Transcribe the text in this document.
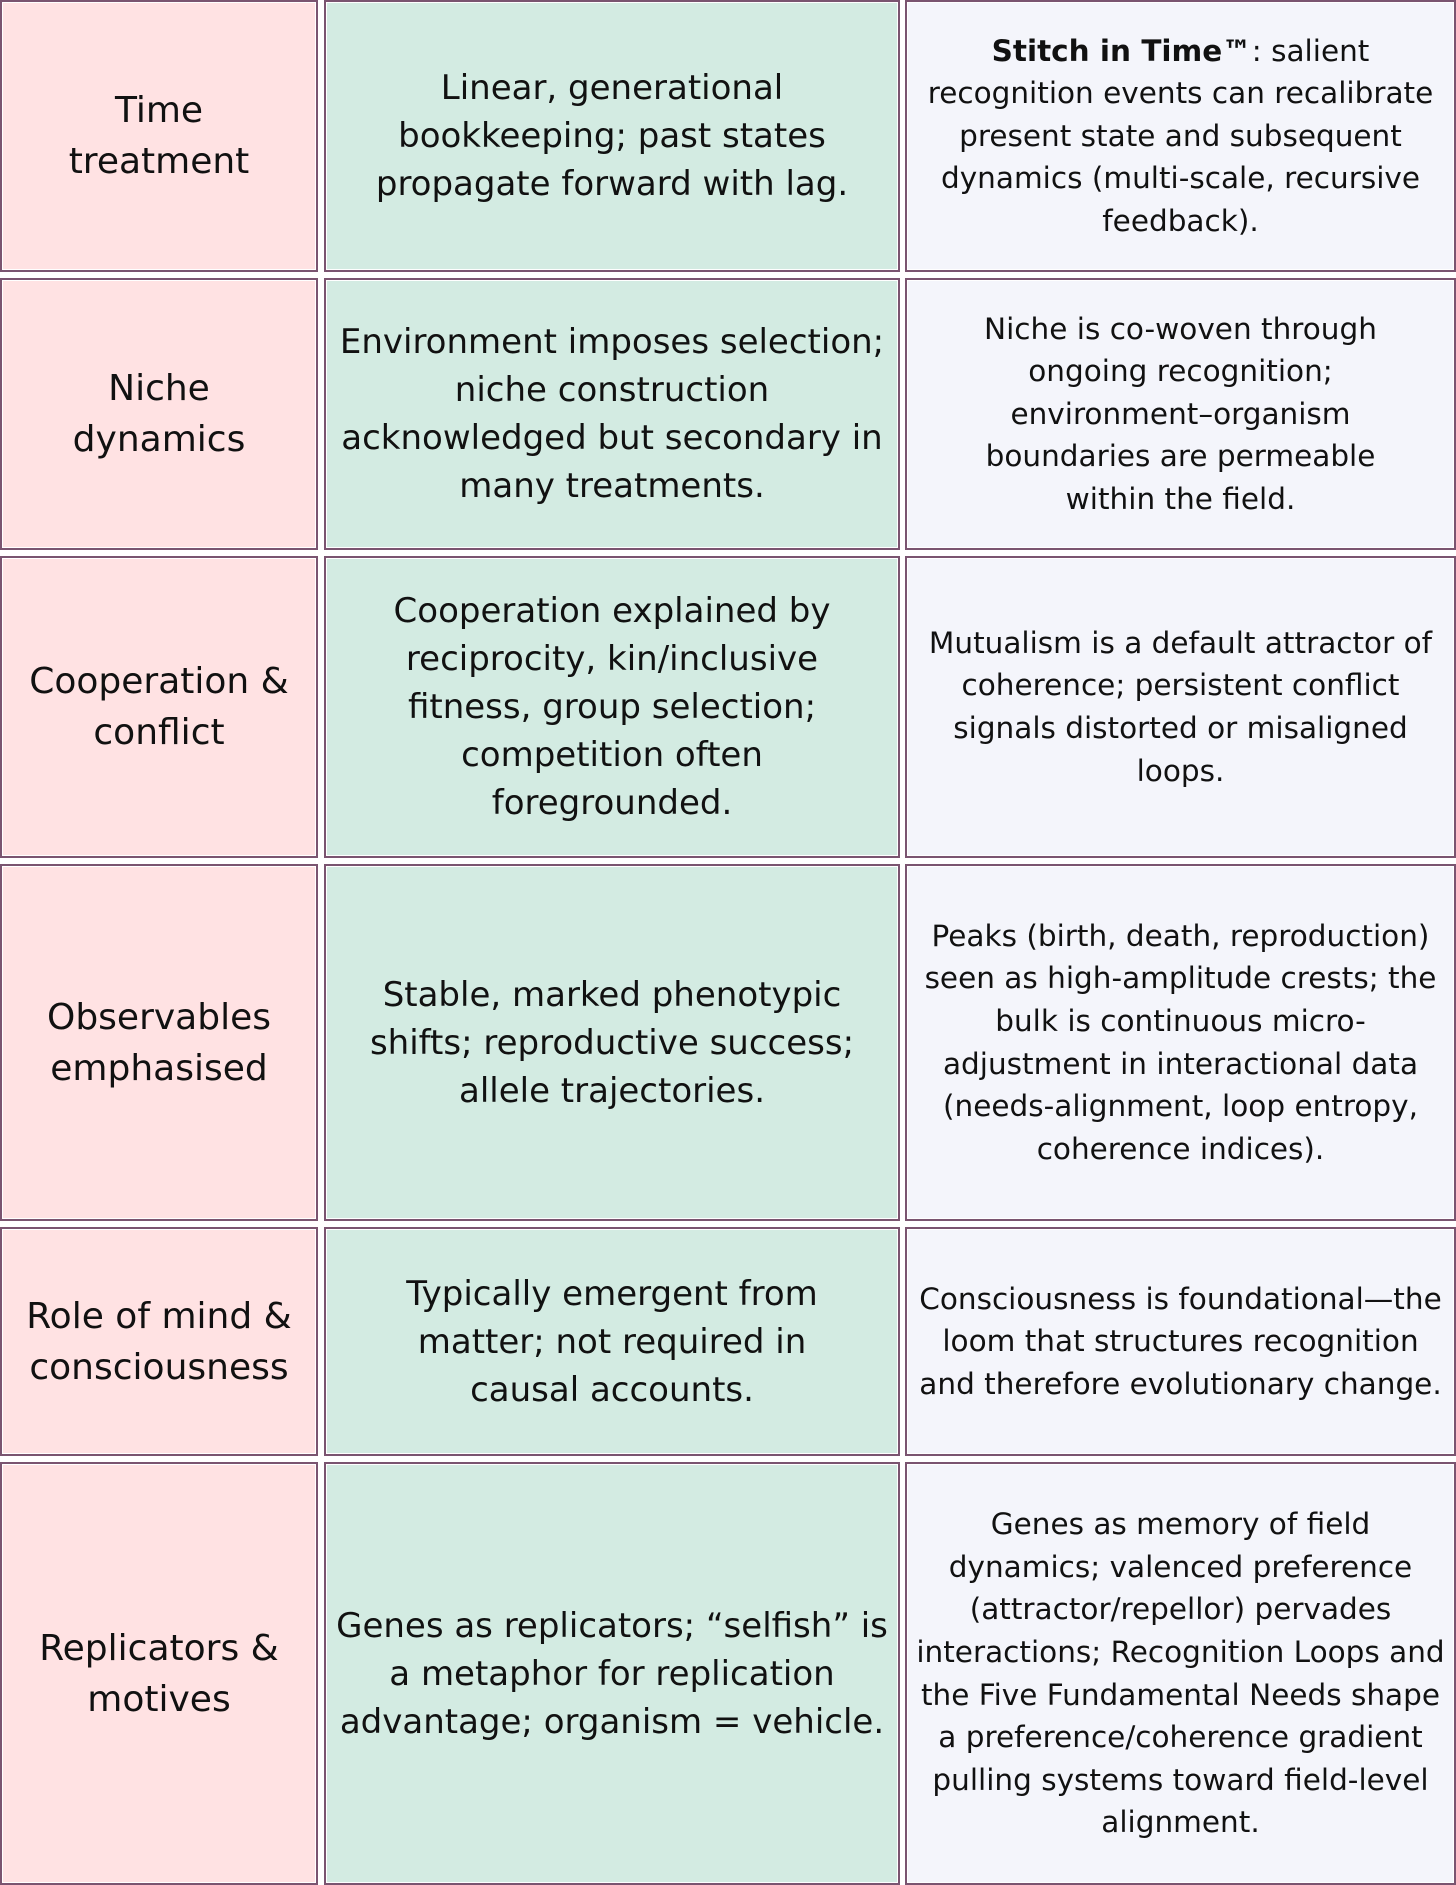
Time treatment
Linear, generational bookkeeping; past states propagate forward with lag.
Stitch in Time™: salient recognition events can recalibrate present state and subsequent dynamics (multi-scale, recursive feedback).
Niche dynamics
Environment imposes selection; niche construction acknowledged but secondary in many treatments.
Niche is co-woven through ongoing recognition; environment–organism boundaries are permeable within the field.
Cooperation & conflict
Cooperation explained by reciprocity, kin/inclusive fitness, group selection; competition often foregrounded.
Mutualism is a default attractor of coherence; persistent conflict signals distorted or misaligned loops.
Observables emphasised
Stable, marked phenotypic shifts; reproductive success; allele trajectories.
Peaks (birth, death, reproduction) seen as high-amplitude crests; the bulk is continuous micro-adjustment in interactional data (needs-alignment, loop entropy, coherence indices).
Role of mind & consciousness
Typically emergent from matter; not required in causal accounts.
Consciousness is foundational—the loom that structures recognition and therefore evolutionary change.
Replicators & motives
Genes as replicators; “selfish” is a metaphor for replication advantage; organism = vehicle.
Genes as memory of field dynamics; valenced preference (attractor/repellor) pervades interactions; Recognition Loops and the Five Fundamental Needs shape a preference/coherence gradient pulling systems toward field-level alignment.
